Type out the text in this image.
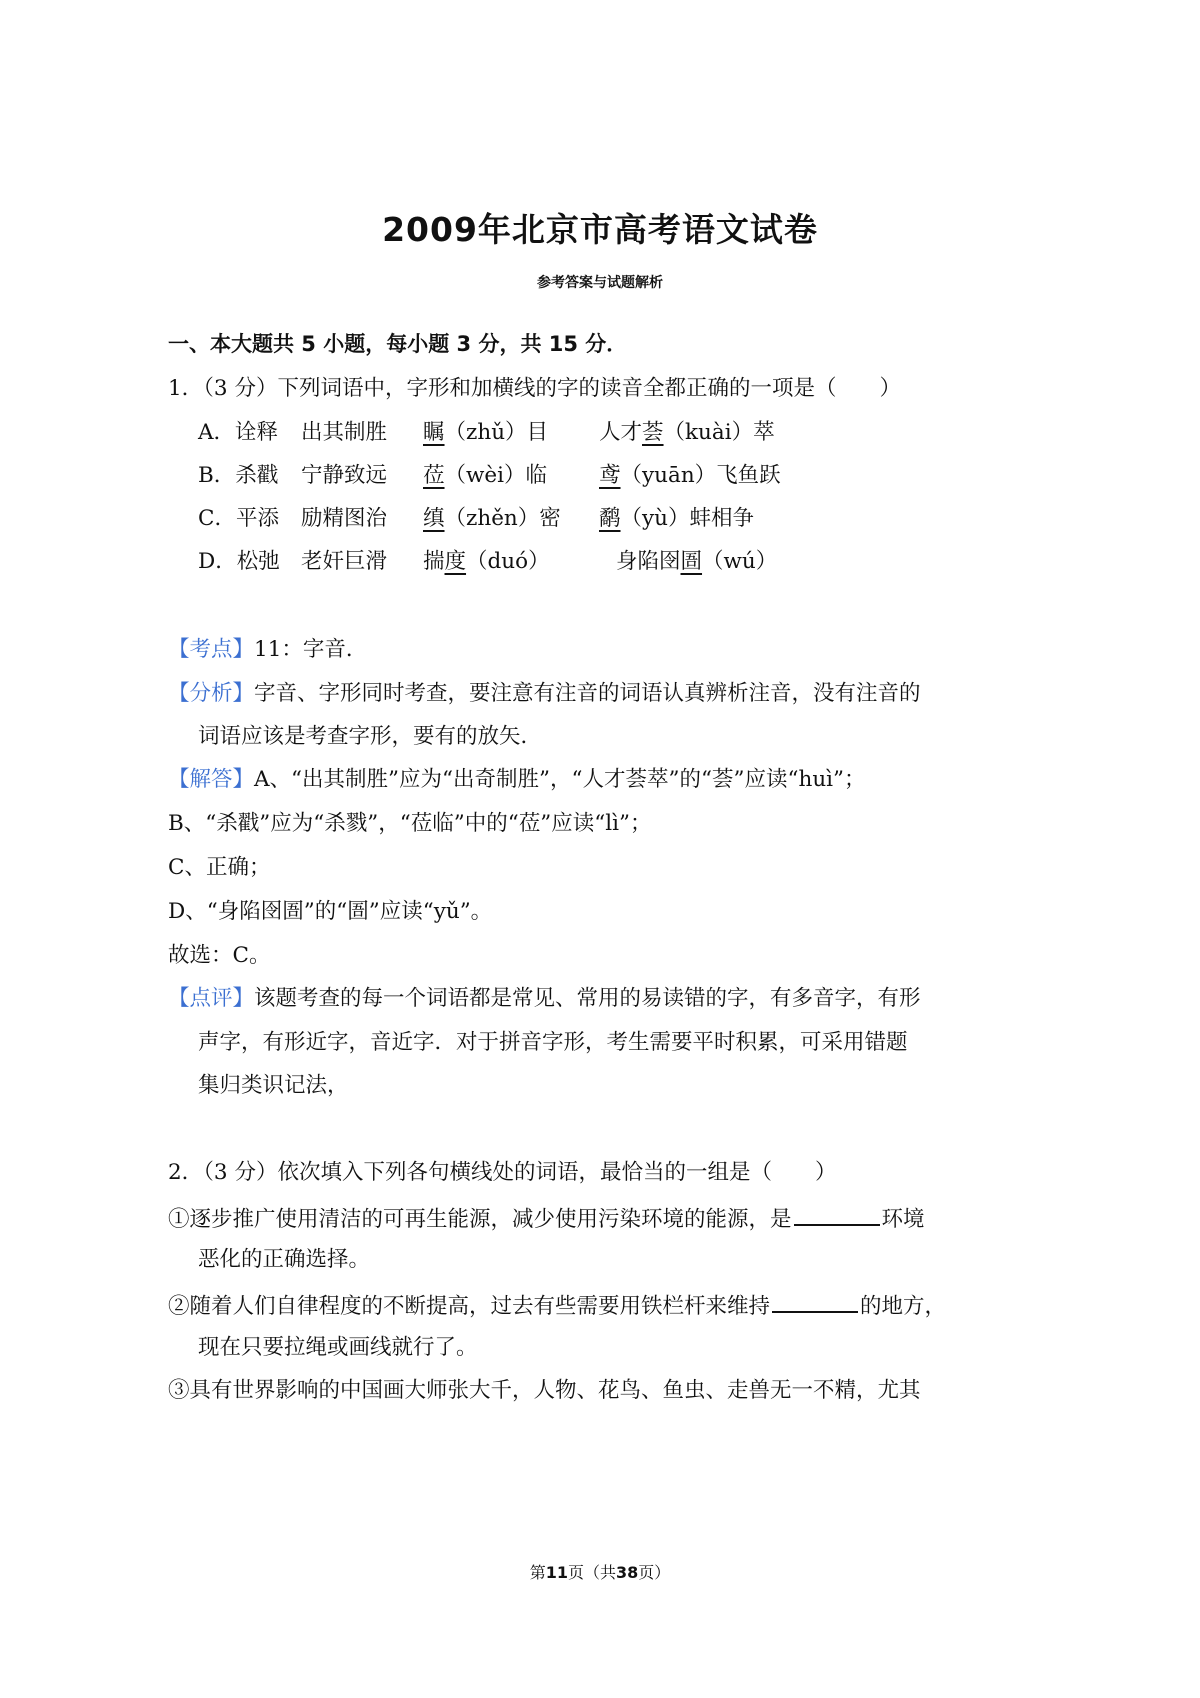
2009年北京市高考语文试卷
参考答案与试题解析
一、本大题共 5 小题，每小题 3 分，共 15 分．
1．（3 分）下列词语中，字形和加横线的字的读音全都正确的一项是（　　）
A．诠释 出其制胜 瞩（zhǔ）目 人才荟（kuài）萃
B．杀戳 宁静致远 莅（wèi）临 鸢（yuān）飞鱼跃
C．平添 励精图治 缜（zhěn）密 鹬（yù）蚌相争
D．松弛 老奸巨滑 揣度（duó）	身陷囹圄（wú）
【考点】11：字音．
【分析】字音、字形同时考查，要注意有注音的词语认真辨析注音，没有注音的
词语应该是考查字形，要有的放矢．
【解答】A、“出其制胜”应为“出奇制胜”，“人才荟萃”的“荟”应读“huì”；
B、“杀戳”应为“杀戮”，“莅临”中的“莅”应读“lì”；
C、正确；
D、“身陷囹圄”的“圄”应读“yǔ”。
故选：C。
【点评】该题考查的每一个词语都是常见、常用的易读错的字，有多音字，有形
声字，有形近字，音近字．对于拼音字形，考生需要平时积累，可采用错题
集归类识记法，
2．（3 分）依次填入下列各句横线处的词语，最恰当的一组是（　　）
①逐步推广使用清洁的可再生能源，减少使用污染环境的能源，是	环境
恶化的正确选择。
②随着人们自律程度的不断提高，过去有些需要用铁栏杆来维持	的地方，
现在只要拉绳或画线就行了。
③具有世界影响的中国画大师张大千，人物、花鸟、鱼虫、走兽无一不精，尤其
第11页（共38页）
